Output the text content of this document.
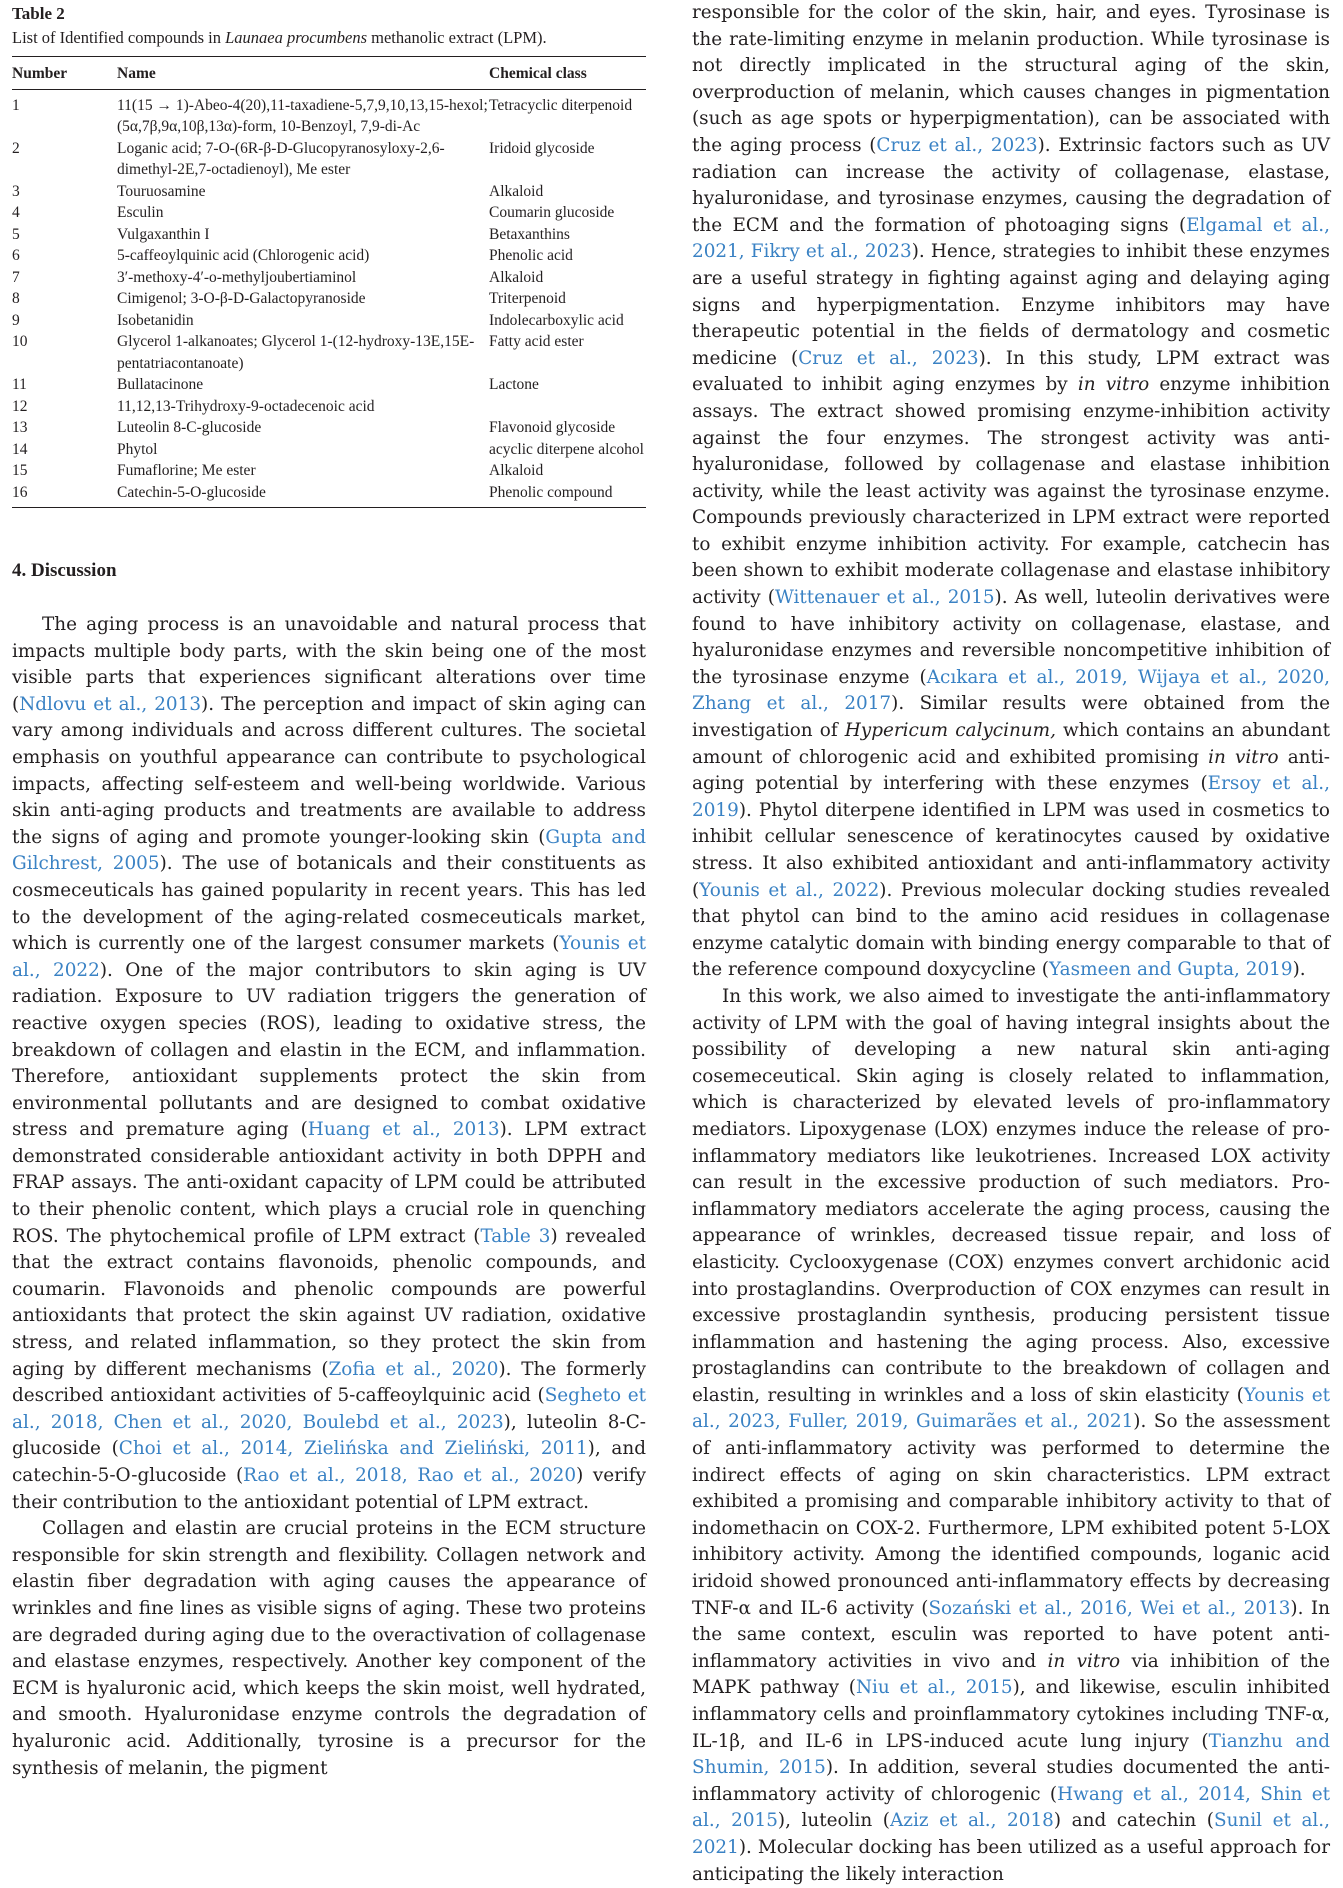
Table 2
List of Identified compounds in Launaea procumbens methanolic extract (LPM).
Number	Name	Chemical class
1	11(15 → 1)-Abeo-4(20),11-taxadiene-5,7,9,10,13,15-hexol; (5α,7β,9α,10β,13α)-form, 10-Benzoyl, 7,9-di-Ac	Tetracyclic diterpenoid
2	Loganic acid; 7-O-(6R-β-D-Glucopyranosyloxy-2,6-dimethyl-2E,7-octadienoyl), Me ester	Iridoid glycoside
3	Touruosamine	Alkaloid
4	Esculin	Coumarin glucoside
5	Vulgaxanthin I	Betaxanthins
6	5-caffeoylquinic acid (Chlorogenic acid)	Phenolic acid
7	3′-methoxy-4′-o-methyljoubertiaminol	Alkaloid
8	Cimigenol; 3-O-β-D-Galactopyranoside	Triterpenoid
9	Isobetanidin	Indolecarboxylic acid
10	Glycerol 1-alkanoates; Glycerol 1-(12-hydroxy-13E,15E-pentatriacontanoate)	Fatty acid ester
11	Bullatacinone	Lactone
12	11,12,13-Trihydroxy-9-octadecenoic acid	
13	Luteolin 8-C-glucoside	Flavonoid glycoside
14	Phytol	acyclic diterpene alcohol
15	Fumaflorine; Me ester	Alkaloid
16	Catechin-5-O-glucoside	Phenolic compound
4. Discussion

The aging process is an unavoidable and natural process that impacts multiple body parts, with the skin being one of the most visible parts that experiences significant alterations over time (Ndlovu et al., 2013). The perception and impact of skin aging can vary among individuals and across different cultures. The societal emphasis on youthful appearance can contribute to psychological impacts, affecting self-esteem and well-being worldwide. Various skin anti-aging products and treatments are available to address the signs of aging and promote younger-looking skin (Gupta and Gilchrest, 2005). The use of botanicals and their constituents as cosmeceuticals has gained popularity in recent years. This has led to the development of the aging-related cosmeceuticals market, which is currently one of the largest consumer markets (Younis et al., 2022). One of the major contributors to skin aging is UV radiation. Exposure to UV radiation triggers the generation of reactive oxygen species (ROS), leading to oxidative stress, the breakdown of collagen and elastin in the ECM, and inflammation. Therefore, antioxidant supplements protect the skin from environmental pollutants and are designed to combat oxidative stress and premature aging (Huang et al., 2013). LPM extract demonstrated considerable antioxidant activity in both DPPH and FRAP assays. The anti-oxidant capacity of LPM could be attributed to their phenolic content, which plays a crucial role in quenching ROS. The phytochemical profile of LPM extract (Table 3) revealed that the extract contains flavonoids, phenolic compounds, and coumarin. Flavonoids and phenolic compounds are powerful antioxidants that protect the skin against UV radiation, oxidative stress, and related inflammation, so they protect the skin from aging by different mechanisms (Zofia et al., 2020). The formerly described antioxidant activities of 5-caffeoylquinic acid (Segheto et al., 2018, Chen et al., 2020, Boulebd et al., 2023), luteolin 8-C-glucoside (Choi et al., 2014, Zielińska and Zieliński, 2011), and catechin-5-O-glucoside (Rao et al., 2018, Rao et al., 2020) verify their contribution to the antioxidant potential of LPM extract.

Collagen and elastin are crucial proteins in the ECM structure responsible for skin strength and flexibility. Collagen network and elastin fiber degradation with aging causes the appearance of wrinkles and fine lines as visible signs of aging. These two proteins are degraded during aging due to the overactivation of collagenase and elastase enzymes, respectively. Another key component of the ECM is hyaluronic acid, which keeps the skin moist, well hydrated, and smooth. Hyaluronidase enzyme controls the degradation of hyaluronic acid. Additionally, tyrosine is a precursor for the synthesis of melanin, the pigment

responsible for the color of the skin, hair, and eyes. Tyrosinase is the rate-limiting enzyme in melanin production. While tyrosinase is not directly implicated in the structural aging of the skin, overproduction of melanin, which causes changes in pigmentation (such as age spots or hyperpigmentation), can be associated with the aging process (Cruz et al., 2023). Extrinsic factors such as UV radiation can increase the activity of collagenase, elastase, hyaluronidase, and tyrosinase enzymes, causing the degradation of the ECM and the formation of photoaging signs (Elgamal et al., 2021, Fikry et al., 2023). Hence, strategies to inhibit these enzymes are a useful strategy in fighting against aging and delaying aging signs and hyperpigmentation. Enzyme inhibitors may have therapeutic potential in the fields of dermatology and cosmetic medicine (Cruz et al., 2023). In this study, LPM extract was evaluated to inhibit aging enzymes by in vitro enzyme inhibition assays. The extract showed promising enzyme-inhibition activity against the four enzymes. The strongest activity was anti-hyaluronidase, followed by collagenase and elastase inhibition activity, while the least activity was against the tyrosinase enzyme. Compounds previously characterized in LPM extract were reported to exhibit enzyme inhibition activity. For example, catchecin has been shown to exhibit moderate collagenase and elastase inhibitory activity (Wittenauer et al., 2015). As well, luteolin derivatives were found to have inhibitory activity on collagenase, elastase, and hyaluronidase enzymes and reversible noncompetitive inhibition of the tyrosinase enzyme (Acıkara et al., 2019, Wijaya et al., 2020, Zhang et al., 2017). Similar results were obtained from the investigation of Hypericum calycinum, which contains an abundant amount of chlorogenic acid and exhibited promising in vitro anti-aging potential by interfering with these enzymes (Ersoy et al., 2019). Phytol diterpene identified in LPM was used in cosmetics to inhibit cellular senescence of keratinocytes caused by oxidative stress. It also exhibited antioxidant and anti-inflammatory activity (Younis et al., 2022). Previous molecular docking studies revealed that phytol can bind to the amino acid residues in collagenase enzyme catalytic domain with binding energy comparable to that of the reference compound doxycycline (Yasmeen and Gupta, 2019).

In this work, we also aimed to investigate the anti-inflammatory activity of LPM with the goal of having integral insights about the possibility of developing a new natural skin anti-aging cosemeceutical. Skin aging is closely related to inflammation, which is characterized by elevated levels of pro-inflammatory mediators. Lipoxygenase (LOX) enzymes induce the release of pro-inflammatory mediators like leukotrienes. Increased LOX activity can result in the excessive production of such mediators. Pro-inflammatory mediators accelerate the aging process, causing the appearance of wrinkles, decreased tissue repair, and loss of elasticity. Cyclooxygenase (COX) enzymes convert archidonic acid into prostaglandins. Overproduction of COX enzymes can result in excessive prostaglandin synthesis, producing persistent tissue inflammation and hastening the aging process. Also, excessive prostaglandins can contribute to the breakdown of collagen and elastin, resulting in wrinkles and a loss of skin elasticity (Younis et al., 2023, Fuller, 2019, Guimarães et al., 2021). So the assessment of anti-inflammatory activity was performed to determine the indirect effects of aging on skin characteristics. LPM extract exhibited a promising and comparable inhibitory activity to that of indomethacin on COX-2. Furthermore, LPM exhibited potent 5-LOX inhibitory activity. Among the identified compounds, loganic acid iridoid showed pronounced anti-inflammatory effects by decreasing TNF-α and IL-6 activity (Sozański et al., 2016, Wei et al., 2013). In the same context, esculin was reported to have potent anti-inflammatory activities in vivo and in vitro via inhibition of the MAPK pathway (Niu et al., 2015), and likewise, esculin inhibited inflammatory cells and proinflammatory cytokines including TNF-α, IL-1β, and IL-6 in LPS-induced acute lung injury (Tianzhu and Shumin, 2015). In addition, several studies documented the anti-inflammatory activity of chlorogenic (Hwang et al., 2014, Shin et al., 2015), luteolin (Aziz et al., 2018) and catechin (Sunil et al., 2021). Molecular docking has been utilized as a useful approach for anticipating the likely interaction
